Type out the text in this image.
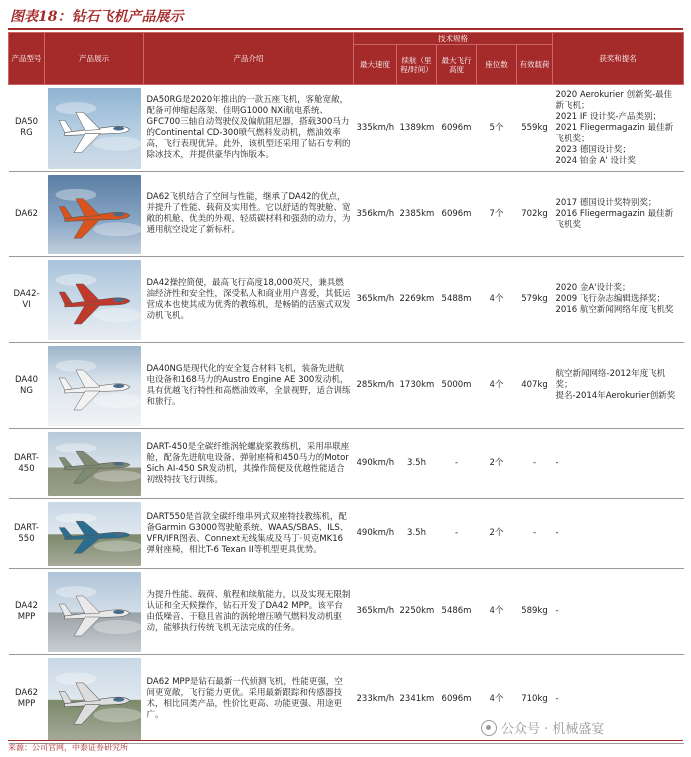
图表18：钻石飞机产品展示
产品型号	产品展示	产品介绍	技术规格					获奖和提名
			最大速度	续航（里程/时间）	最大飞行高度	座位数	有效载荷	
DA50 RG		DA50RG是2020年推出的一款五座飞机，客舱宽敞，配备可伸缩起落架、佳明G1000 NXi航电系统、GFC700三轴自动驾驶仪及偏航阻尼器，搭载300马力的Continental CD-300喷气燃料发动机，燃油效率高，飞行表现优异。此外，该机型还采用了钻石专利的除冰技术，并提供豪华内饰版本。	335km/h	1389km	6096m	5个	559kg	2020 Aerokurier 创新奖-最佳新飞机；
2021 IF 设计奖-产品类别；
2021 Fliegermagazin 最佳新飞机奖；
2023 德国设计奖；
2024 铂金 A' 设计奖
DA62		DA62飞机结合了空间与性能，继承了DA42的优点，并提升了性能、载荷及实用性。它以舒适的驾驶舱、宽敞的机舱、优美的外观、轻质碳材料和强劲的动力，为通用航空设定了新标杆。	356km/h	2385km	6096m	7个	702kg	2017 德国设计奖特别奖；
2016 Fliegermagazin 最佳新飞机奖
DA42-VI		DA42操控简便，最高飞行高度18,000英尺，兼具燃油经济性和安全性，深受私人和商业用户喜爱，其低运营成本也使其成为优秀的教练机，是畅销的活塞式双发动机飞机。	365km/h	2269km	5488m	4个	579kg	2020 金A'设计奖；
2009 飞行杂志编辑选择奖；
2016 航空新闻网络年度飞机奖
DA40 NG		DA40NG是现代化的安全复合材料飞机，装备先进航电设备和168马力的Austro Engine AE 300发动机，具有优越飞行特性和高燃油效率，全景视野，适合训练和旅行。	285km/h	1730km	5000m	4个	407kg	航空新闻网络-2012年度飞机奖；
提名-2014年Aerokurier创新奖
DART-450		DART-450是全碳纤维涡轮螺旋桨教练机，采用串联座舱，配备先进航电设备、弹射座椅和450马力的Motor Sich AI-450 SR发动机，其操作简便及优越性能适合初级特技飞行训练。	490km/h	3.5h	-	2个	-	-
DART-550		DART550是首款全碳纤维串列式双座特技教练机，配备Garmin G3000驾驶舱系统、WAAS/SBAS、ILS、VFR/IFR图表、Connext无线集成及马丁·贝克MK16弹射座椅，相比T-6 Texan II等机型更具优势。	490km/h	3.5h	-	2个	-	-
DA42 MPP		为提升性能、载荷、航程和续航能力，以及实现无限制认证和全天候操作，钻石开发了DA42 MPP。该平台由低噪音、干稳且省油的涡轮增压喷气燃料发动机驱动，能够执行传统飞机无法完成的任务。	365km/h	2250km	5486m	4个	589kg	-
DA62 MPP		DA62 MPP是钻石最新一代侦测飞机，性能更强，空间更宽敞，飞行能力更优。采用最新跟踪和传感器技术，相比同类产品，性价比更高、功能更强、用途更广。	233km/h	2341km	6096m	4个	710kg	-
公众号 · 机械盛宴
来源：公司官网，中泰证券研究所
